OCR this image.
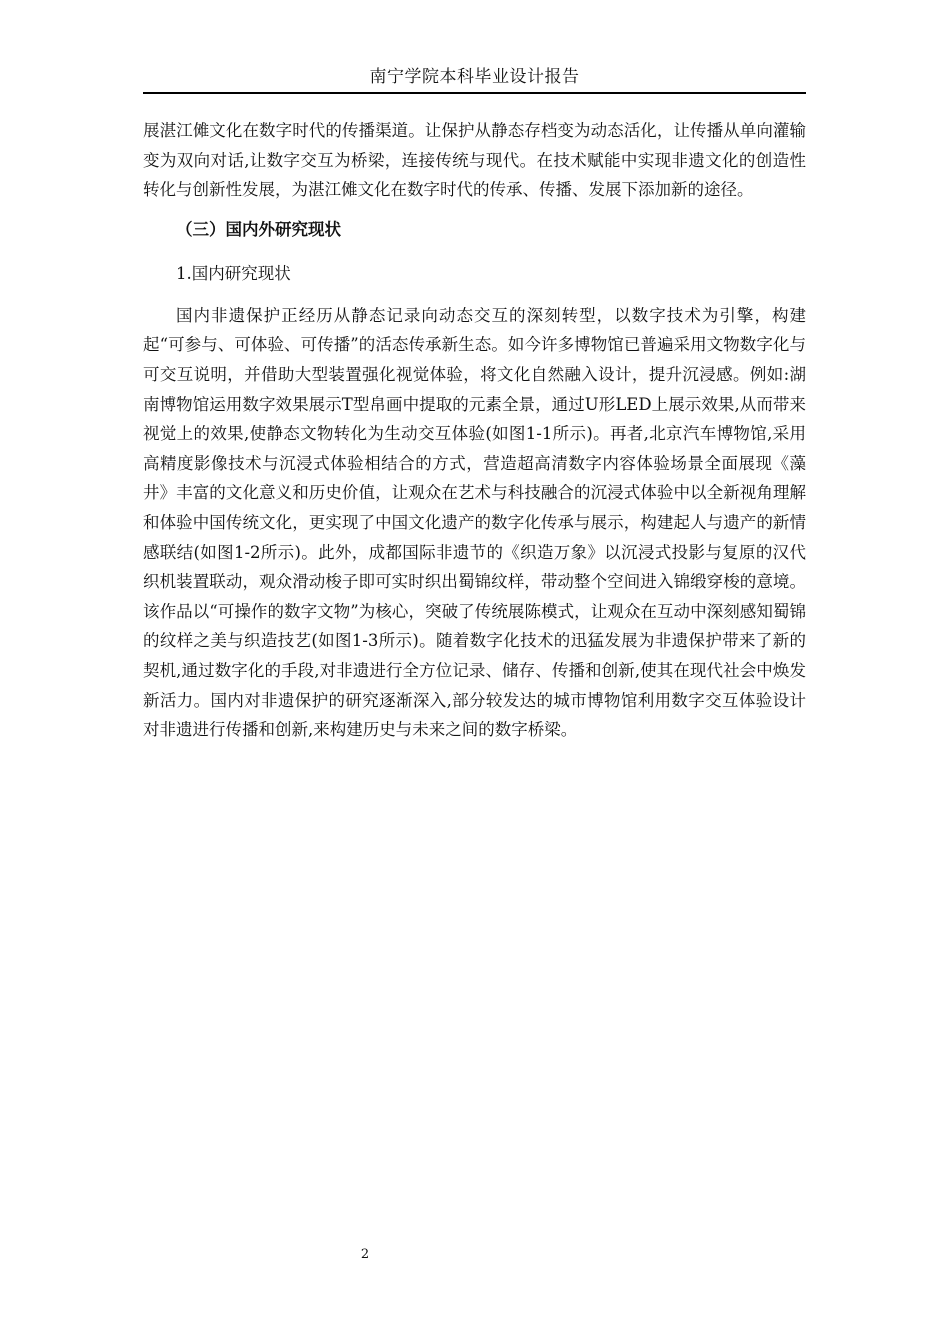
南宁学院本科毕业设计报告

展湛江傩文化在数字时代的传播渠道。让保护从静态存档变为动态活化，让传播从单向灌输变为双向对话,让数字交互为桥梁，连接传统与现代。在技术赋能中实现非遗文化的创造性转化与创新性发展，为湛江傩文化在数字时代的传承、传播、发展下添加新的途径。

（三）国内外研究现状

1.国内研究现状

国内非遗保护正经历从静态记录向动态交互的深刻转型，以数字技术为引擎，构建起“可参与、可体验、可传播”的活态传承新生态。如今许多博物馆已普遍采用文物数字化与可交互说明，并借助大型装置强化视觉体验，将文化自然融入设计，提升沉浸感。例如:湖南博物馆运用数字效果展示T型帛画中提取的元素全景，通过U形LED上展示效果,从而带来视觉上的效果,使静态文物转化为生动交互体验(如图1-1所示)。再者,北京汽车博物馆,采用高精度影像技术与沉浸式体验相结合的方式，营造超高清数字内容体验场景全面展现《藻井》丰富的文化意义和历史价值，让观众在艺术与科技融合的沉浸式体验中以全新视角理解和体验中国传统文化，更实现了中国文化遗产的数字化传承与展示，构建起人与遗产的新情感联结(如图1-2所示)。此外，成都国际非遗节的《织造万象》以沉浸式投影与复原的汉代织机装置联动，观众滑动梭子即可实时织出蜀锦纹样，带动整个空间进入锦缎穿梭的意境。该作品以“可操作的数字文物”为核心，突破了传统展陈模式，让观众在互动中深刻感知蜀锦的纹样之美与织造技艺(如图1-3所示)。随着数字化技术的迅猛发展为非遗保护带来了新的契机,通过数字化的手段,对非遗进行全方位记录、储存、传播和创新,使其在现代社会中焕发新活力。国内对非遗保护的研究逐渐深入,部分较发达的城市博物馆利用数字交互体验设计对非遗进行传播和创新,来构建历史与未来之间的数字桥梁。

2
